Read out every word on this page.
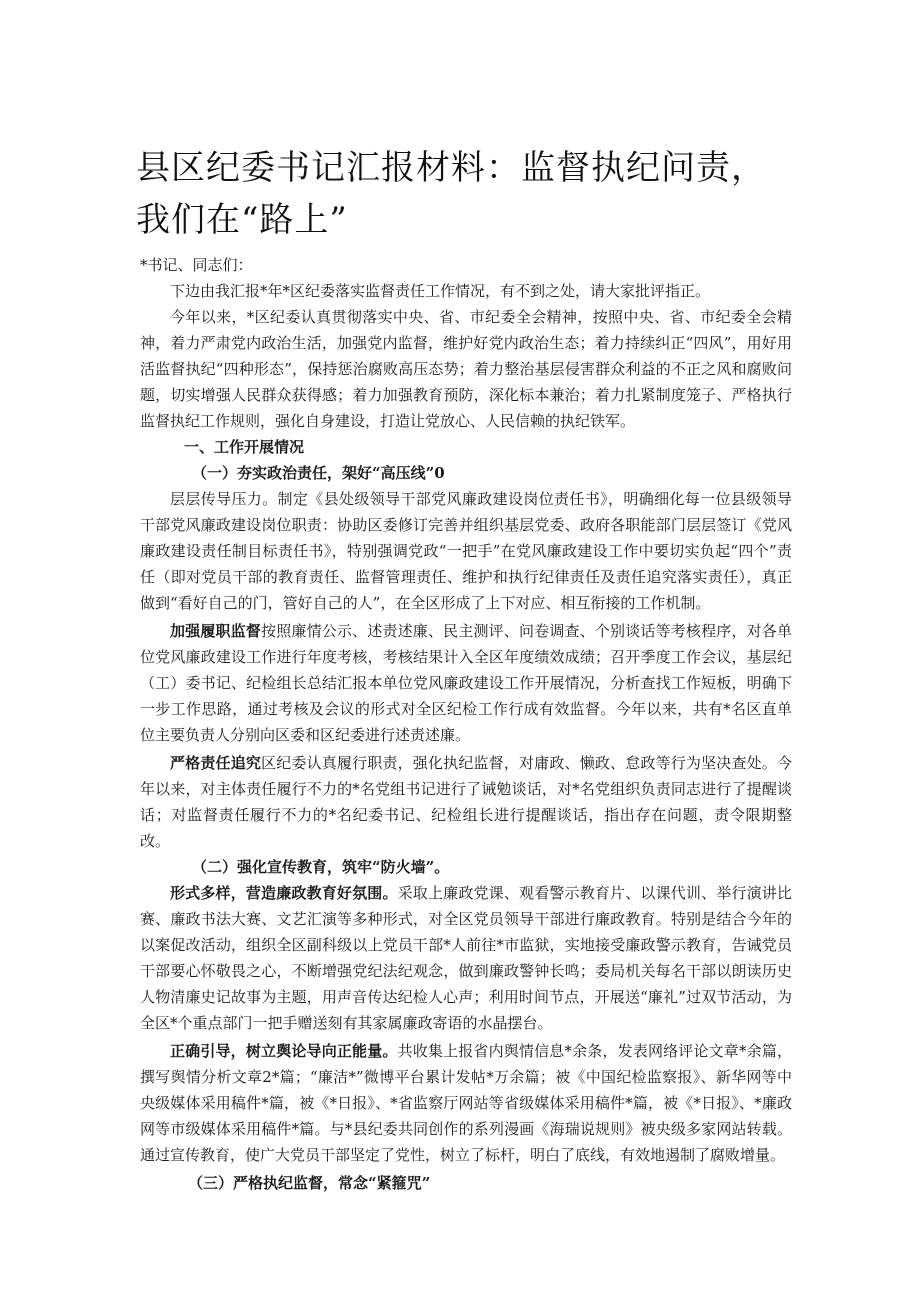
县区纪委书记汇报材料：监督执纪问责，我们在“路上”

*书记、同志们：

下边由我汇报*年*区纪委落实监督责任工作情况，有不到之处，请大家批评指正。

今年以来，*区纪委认真贯彻落实中央、省、市纪委全会精神，按照中央、省、市纪委全会精神，着力严肃党内政治生活，加强党内监督，维护好党内政治生态；着力持续纠正“四风”，用好用活监督执纪“四种形态”，保持惩治腐败高压态势；着力整治基层侵害群众利益的不正之风和腐败问题，切实增强人民群众获得感；着力加强教育预防，深化标本兼治；着力扎紧制度笼子、严格执行监督执纪工作规则，强化自身建设，打造让党放心、人民信赖的执纪铁军。

一、工作开展情况

（一）夯实政治责任，架好“高压线”0

层层传导压力。制定《县处级领导干部党风廉政建设岗位责任书》，明确细化每一位县级领导干部党风廉政建设岗位职责：协助区委修订完善并组织基层党委、政府各职能部门层层签订《党风廉政建设责任制目标责任书》，特别强调党政“一把手”在党风廉政建设工作中要切实负起“四个”责任（即对党员干部的教育责任、监督管理责任、维护和执行纪律责任及责任追究落实责任），真正做到“看好自己的门，管好自己的人”，在全区形成了上下对应、相互衔接的工作机制。

加强履职监督按照廉情公示、述责述廉、民主测评、问卷调查、个别谈话等考核程序，对各单位党风廉政建设工作进行年度考核，考核结果计入全区年度绩效成绩；召开季度工作会议，基层纪（工）委书记、纪检组长总结汇报本单位党风廉政建设工作开展情况，分析查找工作短板，明确下一步工作思路，通过考核及会议的形式对全区纪检工作行成有效监督。今年以来，共有*名区直单位主要负责人分别向区委和区纪委进行述责述廉。

严格责任追究区纪委认真履行职责，强化执纪监督，对庸政、懒政、怠政等行为坚决查处。今年以来，对主体责任履行不力的*名党组书记进行了诫勉谈话，对*名党组织负责同志进行了提醒谈话；对监督责任履行不力的*名纪委书记、纪检组长进行提醒谈话，指出存在问题，责令限期整改。

（二）强化宣传教育，筑牢“防火墙”。

形式多样，营造廉政教育好氛围。采取上廉政党课、观看警示教育片、以课代训、举行演讲比赛、廉政书法大赛、文艺汇演等多种形式，对全区党员领导干部进行廉政教育。特别是结合今年的以案促改活动，组织全区副科级以上党员干部*人前往*市监狱，实地接受廉政警示教育，告诫党员干部要心怀敬畏之心，不断增强党纪法纪观念，做到廉政警钟长鸣；委局机关每名干部以朗读历史人物清廉史记故事为主题，用声音传达纪检人心声；利用时间节点，开展送“廉礼”过双节活动，为全区*个重点部门一把手赠送刻有其家属廉政寄语的水晶摆台。

正确引导，树立舆论导向正能量。共收集上报省内舆情信息*余条，发表网络评论文章*余篇，撰写舆情分析文章2*篇；“廉洁*”微博平台累计发帖*万余篇；被《中国纪检监察报》、新华网等中央级媒体采用稿件*篇，被《*日报》、*省监察厅网站等省级媒体采用稿件*篇，被《*日报》、*廉政网等市级媒体采用稿件*篇。与*县纪委共同创作的系列漫画《海瑞说规则》被央级多家网站转载。通过宣传教育，使广大党员干部坚定了党性，树立了标杆，明白了底线，有效地遏制了腐败增量。

（三）严格执纪监督，常念“紧箍咒”
